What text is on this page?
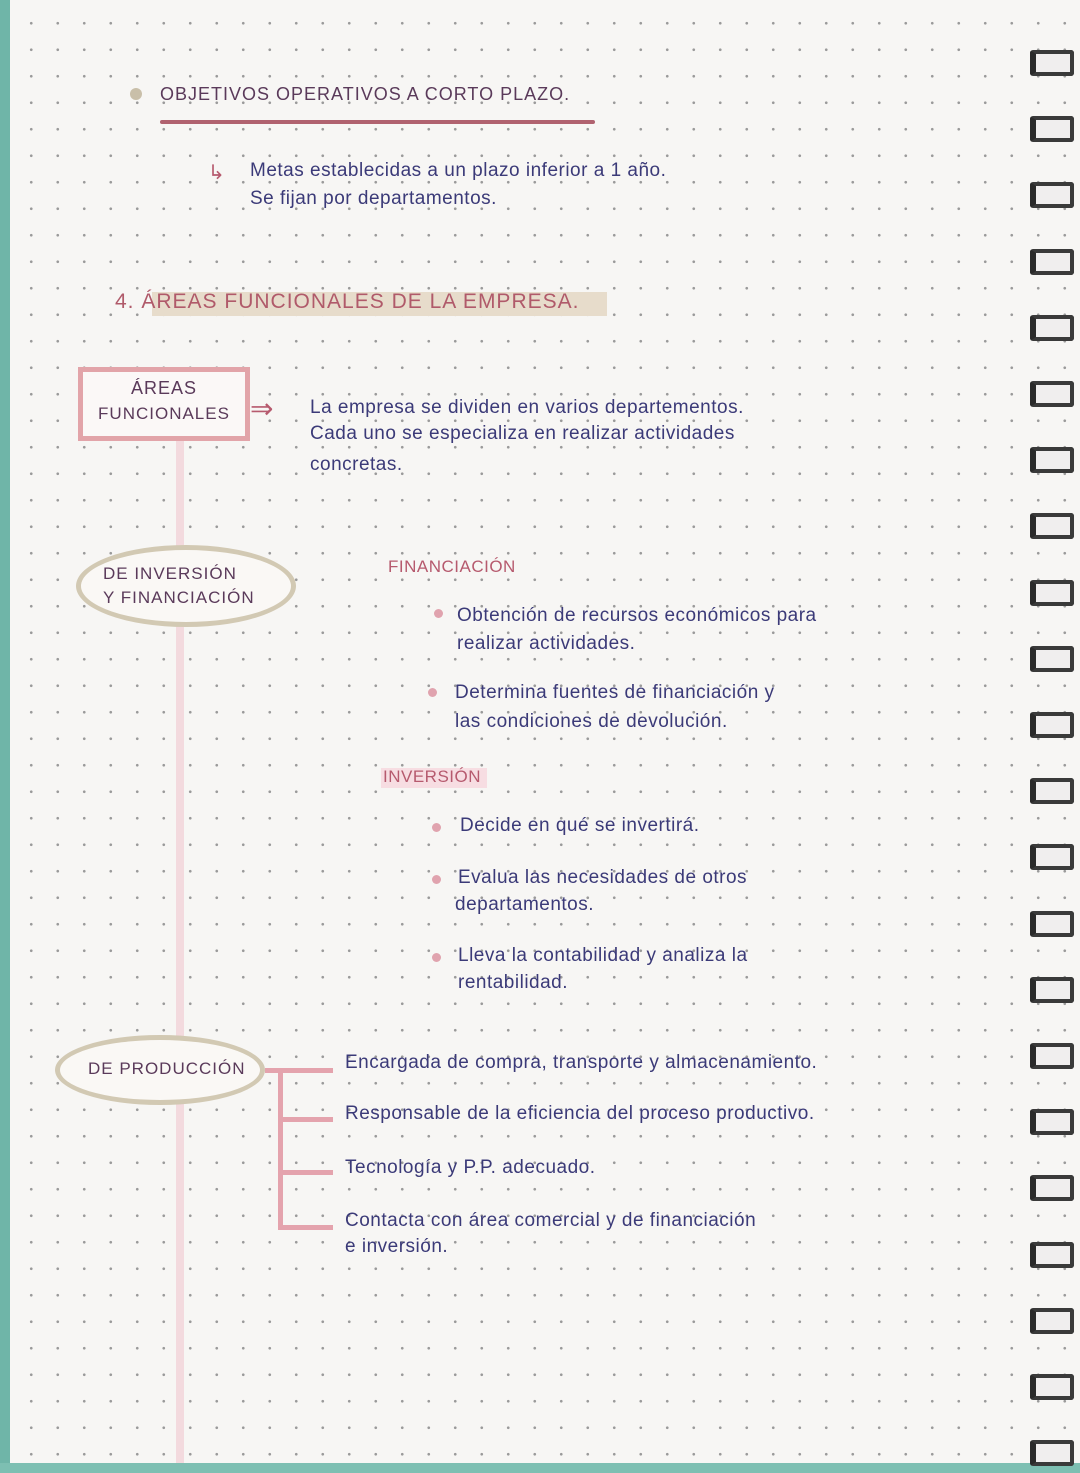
OBJETIVOS OPERATIVOS A CORTO PLAZO.
↳ Metas establecidas a un plazo inferior a 1 año.
Se fijan por departamentos.
4. ÁREAS FUNCIONALES DE LA EMPRESA.
ÁREAS
FUNCIONALES ⇒ La empresa se dividen en varios departementos.
Cada uno se especializa en realizar actividades
concretas.
DE INVERSIÓN
Y FINANCIACIÓN
FINANCIACIÓN
Obtención de recursos económicos para
realizar actividades.
Determina fuentes de financiación y
las condiciones de devolución.
INVERSIÓN
Decide en qué se invertirá.
Evalua las necesidades de otros
departamentos.
Lleva la contabilidad y analiza la
rentabilidad.
DE PRODUCCIÓN	Encargada de compra, transporte y almacenamiento.
Responsable de la eficiencia del proceso productivo.
Tecnología y P.P. adecuado.
Contacta con área comercial y de financiación
e inversión.
